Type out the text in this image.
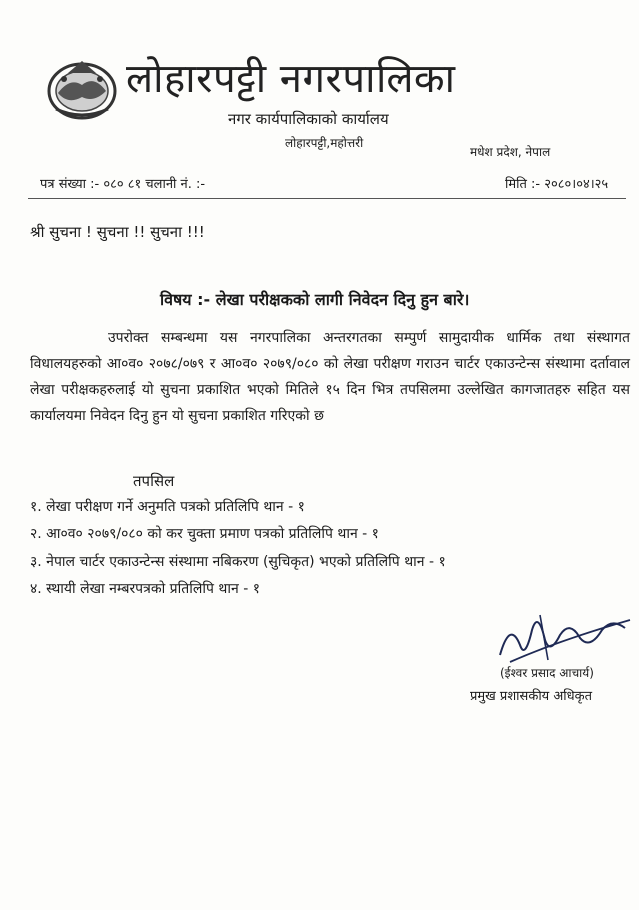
लोहारपट्टी नगरपालिका
नगर कार्यपालिकाको कार्यालय
लोहारपट्टी,महोत्तरी
मधेश प्रदेश, नेपाल
पत्र संख्या :- ०८० ८१ चलानी नं. :-	मिति :- २०८०।०४।२५
श्री सुचना ! सुचना !! सुचना !!!
विषय :- लेखा परीक्षकको लागी निवेदन दिनु हुन बारे।
उपरोक्त सम्बन्धमा यस नगरपालिका अन्तरगतका सम्पुर्ण सामुदायीक धार्मिक तथा संस्थागत विधालयहरुको आ०व० २०७८/०७९ र आ०व० २०७९/०८० को लेखा परीक्षण गराउन चार्टर एकाउन्टेन्स संस्थामा दर्तावाल लेखा परीक्षकहरुलाई यो सुचना प्रकाशित भएको मितिले १५ दिन भित्र तपसिलमा उल्लेखित कागजातहरु सहित यस कार्यालयमा निवेदन दिनु हुन यो सुचना प्रकाशित गरिएको छ
तपसिल
१. लेखा परीक्षण गर्ने अनुमति पत्रको प्रतिलिपि थान - १
२. आ०व० २०७९/०८० को कर चुक्ता प्रमाण पत्रको प्रतिलिपि थान - १
३. नेपाल चार्टर एकाउन्टेन्स संस्थामा नबिकरण (सुचिकृत) भएको प्रतिलिपि थान - १
४. स्थायी लेखा नम्बरपत्रको प्रतिलिपि थान - १
(ईश्वर प्रसाद आचार्य)
प्रमुख प्रशासकीय अधिकृत
